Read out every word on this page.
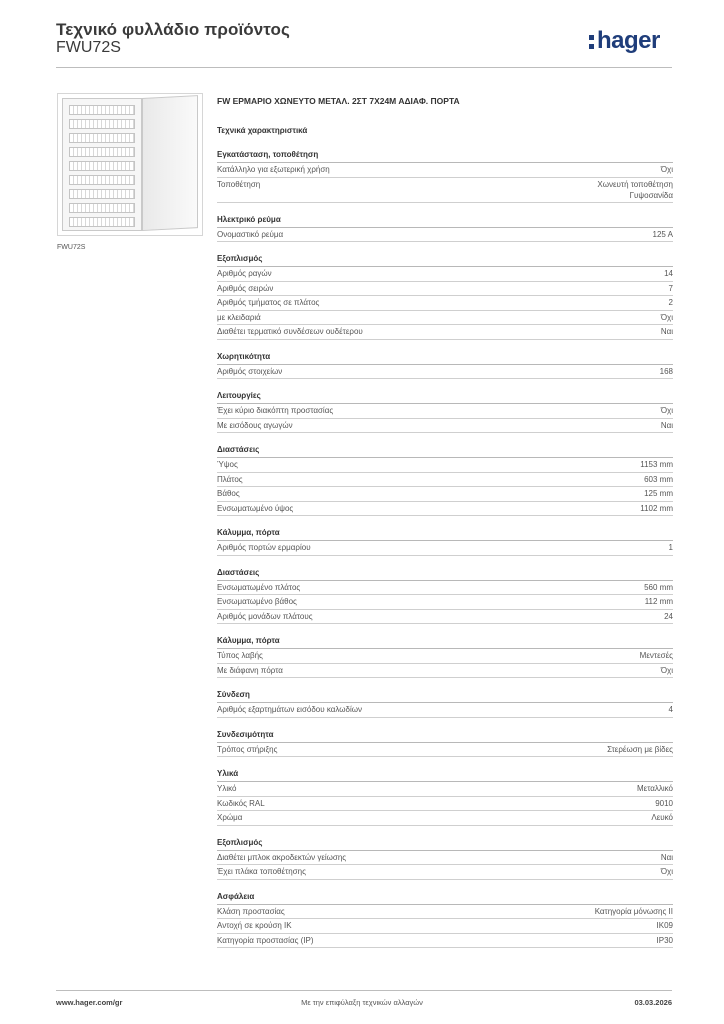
Τεχνικό φυλλάδιο προϊόντος
FWU72S	hager
FWU72S
FW ΕΡΜΑΡΙΟ ΧΩΝΕΥΤΟ ΜΕΤΑΛ. 2ΣΤ 7Χ24Μ ΑΔΙΑΦ. ΠΟΡΤΑ
Τεχνικά χαρακτηριστικά
Εγκατάσταση, τοποθέτηση
Κατάλληλο για εξωτερική χρήση	Όχι
Τοποθέτηση	Χωνευτή τοποθέτηση
Γυψοσανίδα
Ηλεκτρικό ρεύμα
Ονομαστικό ρεύμα	125 A
Εξοπλισμός
Αριθμός ραγών	14
Αριθμός σειρών	7
Αριθμός τμήματος σε πλάτος	2
με κλειδαριά	Όχι
Διαθέτει τερματικό συνδέσεων ουδέτερου	Ναι
Χωρητικότητα
Αριθμός στοιχείων	168
Λειτουργίες
Έχει κύριο διακόπτη προστασίας	Όχι
Με εισόδους αγωγών	Ναι
Διαστάσεις
Ύψος	1153 mm
Πλάτος	603 mm
Βάθος	125 mm
Ενσωματωμένο ύψος	1102 mm
Κάλυμμα, πόρτα
Αριθμός πορτών ερμαρίου	1
Διαστάσεις
Ενσωματωμένο πλάτος	560 mm
Ενσωματωμένο βάθος	112 mm
Αριθμός μονάδων πλάτους	24
Κάλυμμα, πόρτα
Τύπος λαβής	Μεντεσές
Με διάφανη πόρτα	Όχι
Σύνδεση
Αριθμός εξαρτημάτων εισόδου καλωδίων	4
Συνδεσιμότητα
Τρόπος στήριξης	Στερέωση με βίδες
Υλικά
Υλικό	Μεταλλικό
Κωδικός RAL	9010
Χρώμα	Λευκό
Εξοπλισμός
Διαθέτει μπλοκ ακροδεκτών γείωσης	Ναι
Έχει πλάκα τοποθέτησης	Όχι
Ασφάλεια
Κλάση προστασίας	Κατηγορία μόνωσης II
Αντοχή σε κρούση IK	IK09
Κατηγορία προστασίας (IP)	IP30
www.hager.com/gr	Με την επιφύλαξη τεχνικών αλλαγών	03.03.2026
